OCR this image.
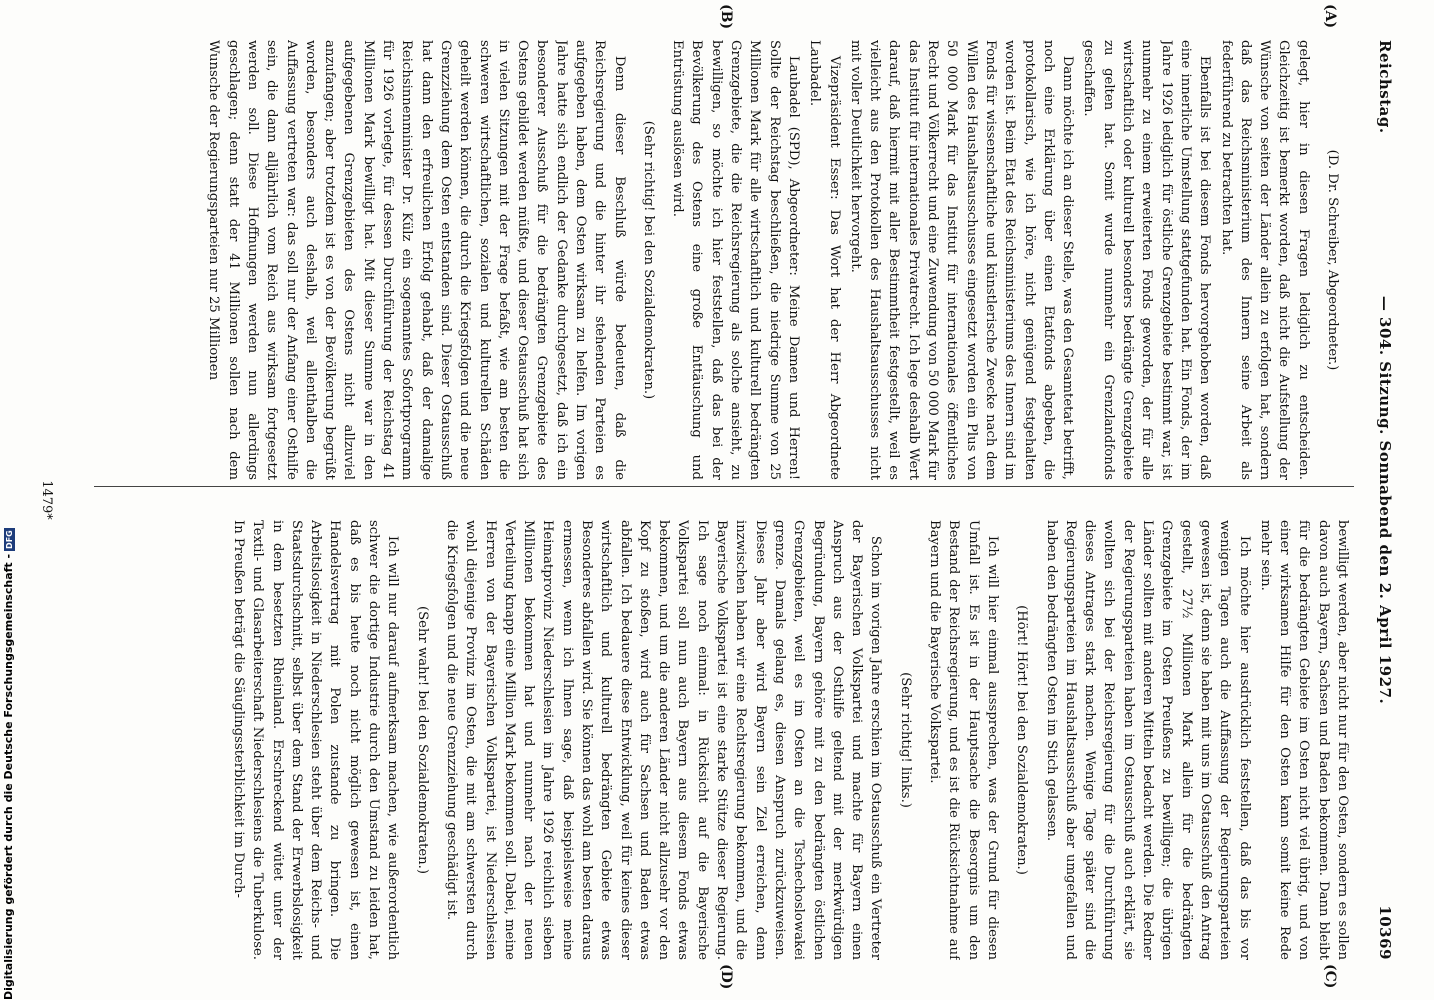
Reichstag.
— 304. Sitzung. Sonnabend den 2. April 1927.
10369
(A)
(B)
(C)
(D)

(D. Dr. Schreiber, Abgeordneter.)

gelegt, hier in diesen Fragen lediglich zu entscheiden. Gleichzeitig ist bemerkt worden, daß nicht die Aufstellung der Wünsche von seiten der Länder allein zu erfolgen hat, sondern daß das Reichsministerium des Innern seine Arbeit als federführend zu betrachten hat.

Ebenfalls ist bei diesem Fonds hervorgehoben worden, daß eine innerliche Umstellung stattgefunden hat. Ein Fonds, der im Jahre 1926 lediglich für östliche Grenzgebiete bestimmt war, ist nunmehr zu einem erweiterten Fonds geworden, der für alle wirtschaftlich oder kulturell besonders bedrängte Grenzgebiete zu gelten hat. Somit wurde nunmehr ein Grenzlandfonds geschaffen.

Dann möchte ich an dieser Stelle, was den Gesamtetat betrifft, noch eine Erklärung über einen Etatfonds abgeben, die protokollarisch, wie ich höre, nicht genügend festgehalten worden ist. Beim Etat des Reichsministeriums des Innern sind im Fonds für wissenschaftliche und künstlerische Zwecke nach dem Willen des Haushaltsausschusses eingesetzt worden ein Plus von 50 000 Mark für das Institut für internationales öffentliches Recht und Völkerrecht und eine Zuwendung von 50 000 Mark für das Institut für internationales Privatrecht. Ich lege deshalb Wert darauf, daß hiermit mit aller Bestimmtheit festgestellt, weil es vielleicht aus den Protokollen des Haushaltsausschusses nicht mit voller Deutlichkeit hervorgeht.

Vizepräsident Esser: Das Wort hat der Herr Abgeordnete Laubadel.

Laubadel (SPD), Abgeordneter: Meine Damen und Herren! Sollte der Reichstag beschließen, die niedrige Summe von 25 Millionen Mark für alle wirtschaftlich und kulturell bedrängten Grenzgebiete, die die Reichsregierung als solche ansieht, zu bewilligen, so möchte ich hier feststellen, daß das bei der Bevölkerung des Ostens eine große Enttäuschung und Entrüstung auslösen wird.

(Sehr richtig! bei den Sozialdemokraten.)

Denn dieser Beschluß würde bedeuten, daß die Reichsregierung und die hinter ihr stehenden Parteien es aufgegeben haben, dem Osten wirksam zu helfen. Im vorigen Jahre hatte sich endlich der Gedanke durchgesetzt, daß ich ein besonderer Ausschuß für die bedrängten Grenzgebiete des Ostens gebildet werden müßte, und dieser Ostausschuß hat sich in vielen Sitzungen mit der Frage befaßt, wie am besten die schweren wirtschaftlichen, sozialen und kulturellen Schäden geheilt werden können, die durch die Kriegsfolgen und die neue Grenzziehung dem Osten entstanden sind. Dieser Ostausschuß hat dann den erfreulichen Erfolg gehabt, daß der damalige Reichsinnenminister Dr. Külz ein sogenanntes Sofortprogramm für 1926 vorlegte, für dessen Durchführung der Reichstag 41 Millionen Mark bewilligt hat. Mit dieser Summe war in den aufgegebenen Grenzgebieten des Ostens nicht allzuviel anzufangen; aber trotzdem ist es von der Bevölkerung begrüßt worden, besonders auch deshalb, weil allenthalben die Auffassung vertreten war: das soll nur der Anfang einer Osthilfe sein, die dann alljährlich vom Reich aus wirksam fortgesetzt werden soll. Diese Hoffnungen werden nun allerdings geschlagen; denn statt der 41 Millionen sollen nach dem Wunsche der Regierungsparteien nur 25 Millionen

bewilligt werden, aber nicht nur für den Osten, sondern es sollen davon auch Bayern, Sachsen und Baden bekommen. Dann bleibt für die bedrängten Gebiete im Osten nicht viel übrig, und von einer wirksamen Hilfe für den Osten kann somit keine Rede mehr sein.

Ich möchte hier ausdrücklich feststellen, daß das bis vor wenigen Tagen auch die Auffassung der Regierungsparteien gewesen ist, denn sie haben mit uns im Ostausschuß den Antrag gestellt, 27½ Millionen Mark allein für die bedrängten Grenzgebiete im Osten Preußens zu bewilligen; die übrigen Länder sollten mit anderen Mitteln bedacht werden. Die Redner der Regierungsparteien haben im Ostausschuß auch erklärt, sie wollten sich bei der Reichsregierung für die Durchführung dieses Antrages stark machen. Wenige Tage später sind die Regierungsparteien im Haushaltsausschuß aber umgefallen und haben den bedrängten Osten im Stich gelassen.

(Hört! Hört! bei den Sozialdemokraten.)

Ich will hier einmal aussprechen, was der Grund für diesen Umfall ist. Es ist in der Hauptsache die Besorgnis um den Bestand der Reichsregierung, und es ist die Rücksichtnahme auf Bayern und die Bayerische Volkspartei.

(Sehr richtig! links.)

Schon im vorigen Jahre erschien im Ostausschuß ein Vertreter der Bayerischen Volkspartei und machte für Bayern einen Anspruch aus der Osthilfe geltend mit der merkwürdigen Begründung, Bayern gehöre mit zu den bedrängten östlichen Grenzgebieten, weil es im Osten an die Tschechoslowakei grenze. Damals gelang es, diesen Anspruch zurückzuweisen. Dieses Jahr aber wird Bayern sein Ziel erreichen, denn inzwischen haben wir eine Rechtsregierung bekommen, und die Bayerische Volkspartei ist eine starke Stütze dieser Regierung. Ich sage noch einmal: in Rücksicht auf die Bayerische Volkspartei soll nun auch Bayern aus diesem Fonds etwas bekommen, und um die anderen Länder nicht allzusehr vor den Kopf zu stoßen, wird auch für Sachsen und Baden etwas abfallen. Ich bedauere diese Entwicklung, weil für keines dieser wirtschaftlich und kulturell bedrängten Gebiete etwas Besonderes abfallen wird. Sie können das wohl am besten daraus ermessen, wenn ich Ihnen sage, daß beispielsweise meine Heimatprovinz Niederschlesien im Jahre 1926 reichlich sieben Millionen bekommen hat und nunmehr nach der neuen Verteilung knapp eine Million Mark bekommen soll. Dabei, meine Herren von der Bayerischen Volkspartei, ist Niederschlesien wohl diejenige Provinz im Osten, die mit am schwersten durch die Kriegsfolgen und die neue Grenzziehung geschädigt ist.

(Sehr wahr! bei den Sozialdemokraten.)

Ich will nur darauf aufmerksam machen, wie außerordentlich schwer die dortige Industrie durch den Umstand zu leiden hat, daß es bis heute noch nicht möglich gewesen ist, einen Handelsvertrag mit Polen zustande zu bringen. Die Arbeitslosigkeit in Niederschlesien steht über dem Reichs- und Staatsdurchschnitt, selbst über dem Stand der Erwerbslosigkeit in dem besetzten Rheinland. Erschreckend wütet unter der Textil- und Glasarbeiterschaft Niederschlesiens die Tuberkulose. In Preußen beträgt die Säuglingssterblichkeit im Durch-

1479*
Digitalisierung gefördert durch die Deutsche Forschungsgemeinschaft -DFG
